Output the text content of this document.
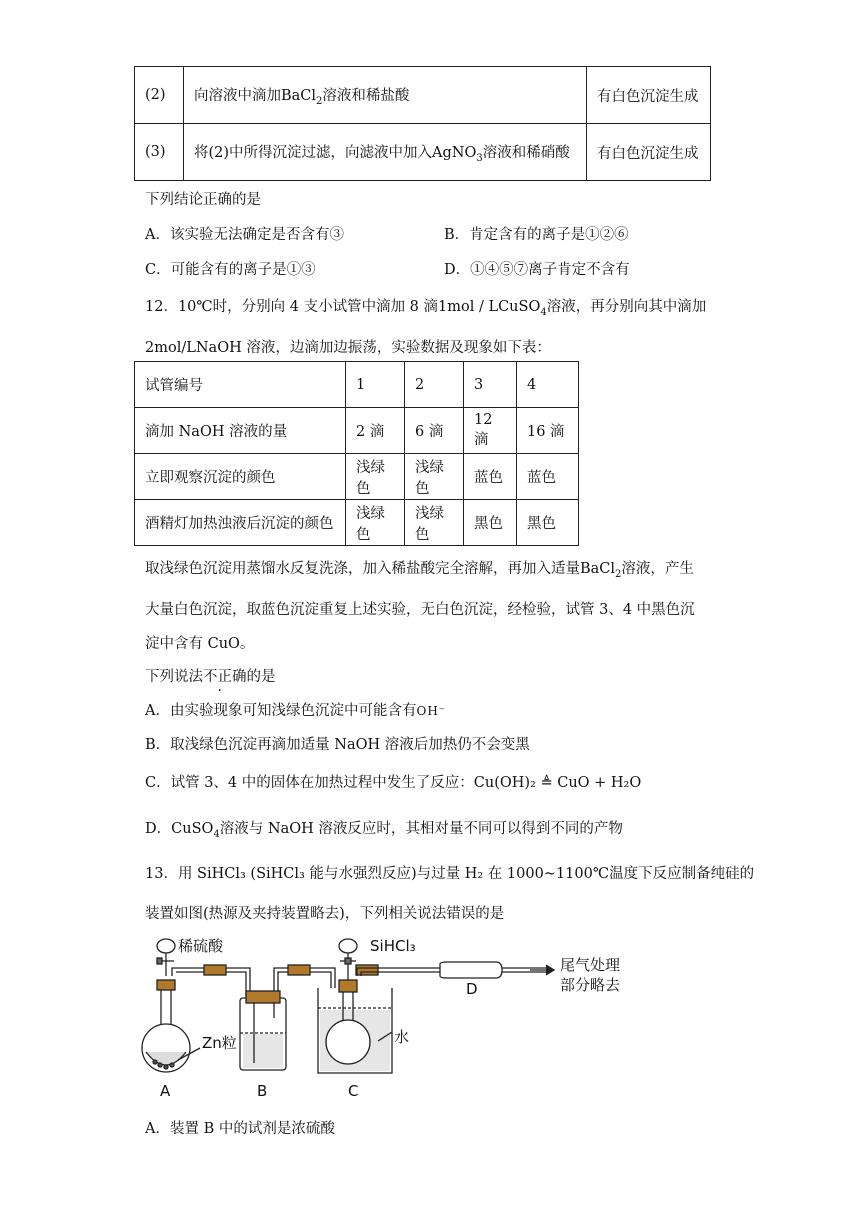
(2)	向溶液中滴加BaCl$_2$溶液和稀盐酸	有白色沉淀生成
(3)	将(2)中所得沉淀过滤，向滤液中加入AgNO$_3$溶液和稀硝酸	有白色沉淀生成
下列结论正确的是
A．该实验无法确定是否含有③	B．肯定含有的离子是①②⑥
C．可能含有的离子是①③	D．①④⑤⑦离子肯定不含有
12．10℃时，分别向 4 支小试管中滴加 8 滴1mol / LCuSO$_4$溶液，再分别向其中滴加
2mol/LNaOH 溶液，边滴加边振荡，实验数据及现象如下表：
试管编号	1	2	3	4
滴加 NaOH 溶液的量	2 滴	6 滴	12 滴	16 滴
立即观察沉淀的颜色	浅绿色	浅绿色	蓝色	蓝色
酒精灯加热浊液后沉淀的颜色	浅绿色	浅绿色	黑色	黑色
取浅绿色沉淀用蒸馏水反复洗涤，加入稀盐酸完全溶解，再加入适量BaCl$_2$溶液，产生
大量白色沉淀，取蓝色沉淀重复上述实验，无白色沉淀，经检验，试管 3、4 中黑色沉
淀中含有 CuO。
下列说法不正确的是
A．由实验现象可知浅绿色沉淀中可能含有OH⁻
B．取浅绿色沉淀再滴加适量 NaOH 溶液后加热仍不会变黑
C．试管 3、4 中的固体在加热过程中发生了反应：Cu(OH)₂ ≜ CuO + H₂O
D．CuSO$_4$溶液与 NaOH 溶液反应时，其相对量不同可以得到不同的产物
13．用 SiHCl₃ (SiHCl₃ 能与水强烈反应)与过量 H₂ 在 1000~1100℃温度下反应制备纯硅的
装置如图(热源及夹持装置略去)，下列相关说法错误的是
稀硫酸	SiHCl₃
Zn粒	水
尾气处理
部分略去
A	B	C
D
A．装置 B 中的试剂是浓硫酸
